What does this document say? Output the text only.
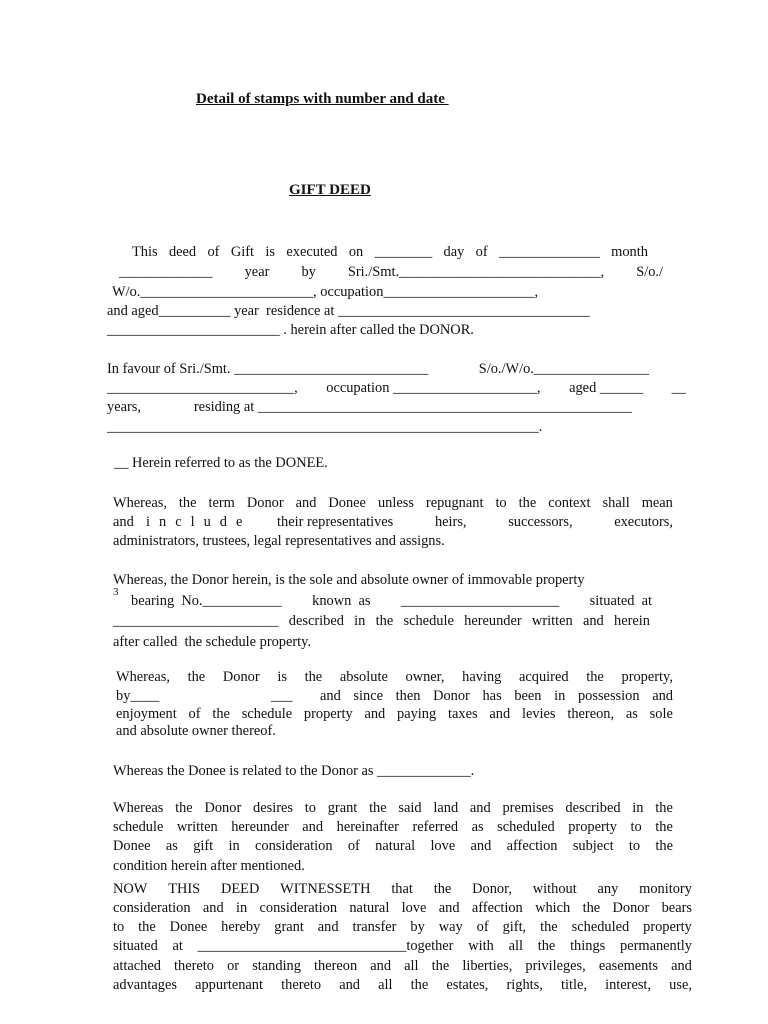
Detail of stamps with number and date
GIFT DEED
This deed of Gift is executed on ________ day of ______________ month
_____________ year by Sri./Smt.____________________________, S/o./
W/o.________________________, occupation_____________________,
and aged__________ year  residence at ___________________________________
________________________ . herein after called the DONOR.
In favour of Sri./Smt. ___________________________	S/o./W/o.________________
__________________________, occupation ____________________, aged ______ __
years,	residing at ____________________________________________________
____________________________________________________________.
__ Herein referred to as the DONEE.
Whereas, the term Donor and Donee unless repugnant to the context shall mean
and include their representatives	heirs,	successors,	executors,
administrators, trustees, legal representatives and assigns.
Whereas, the Donor herein, is the sole and absolute owner of immovable property
3
bearing  No.___________ known  as ______________________ situated  at
_______________________ described in the schedule hereunder written and herein
after called  the schedule property.
Whereas, the Donor is the absolute owner, having acquired the property,
by____	___ and since then Donor has been in possession and
enjoyment of the schedule property and paying taxes and levies thereon, as sole
and absolute owner thereof.
Whereas the Donee is related to the Donor as _____________.
Whereas the Donor desires to grant the said land and premises described in the
schedule written hereunder and hereinafter referred as scheduled property to the
Donee as gift in consideration of natural love and affection subject to the
condition herein after mentioned.
NOW THIS DEED WITNESSETH that the Donor, without any monitory
consideration and in consideration natural love and affection which the Donor bears
to the Donee hereby grant and transfer by way of gift, the scheduled property
situated at _____________________________together with all the things permanently
attached thereto or standing thereon and all the liberties, privileges, easements and
advantages appurtenant thereto and all the estates, rights, title, interest, use,
